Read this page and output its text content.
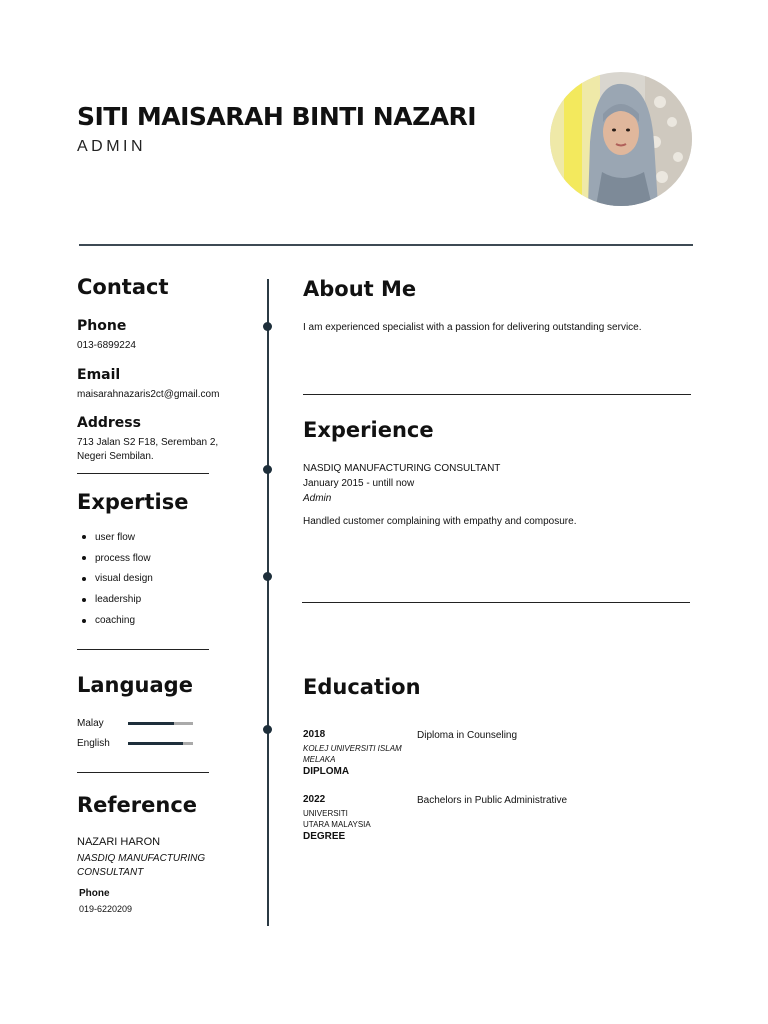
SITI MAISARAH BINTI NAZARI
ADMIN
Contact
Phone
013-6899224
Email
maisarahnazaris2ct@gmail.com
Address
713 Jalan S2 F18, Seremban 2,
Negeri Sembilan.
Expertise
user flow
process flow
visual design
leadership
coaching
Language
Malay
English
Reference
NAZARI HARON
NASDIQ MANUFACTURING
CONSULTANT
Phone
019-6220209
About Me
I am experienced specialist with a passion for delivering outstanding service.
Experience
NASDIQ MANUFACTURING CONSULTANT
January 2015 - untill now
Admin
Handled customer complaining with empathy and composure.
Education
2018
KOLEJ UNIVERSITI ISLAM
MELAKA
DIPLOMA
Diploma in Counseling
2022
UNIVERSITI
UTARA MALAYSIA
DEGREE
Bachelors in Public Administrative
